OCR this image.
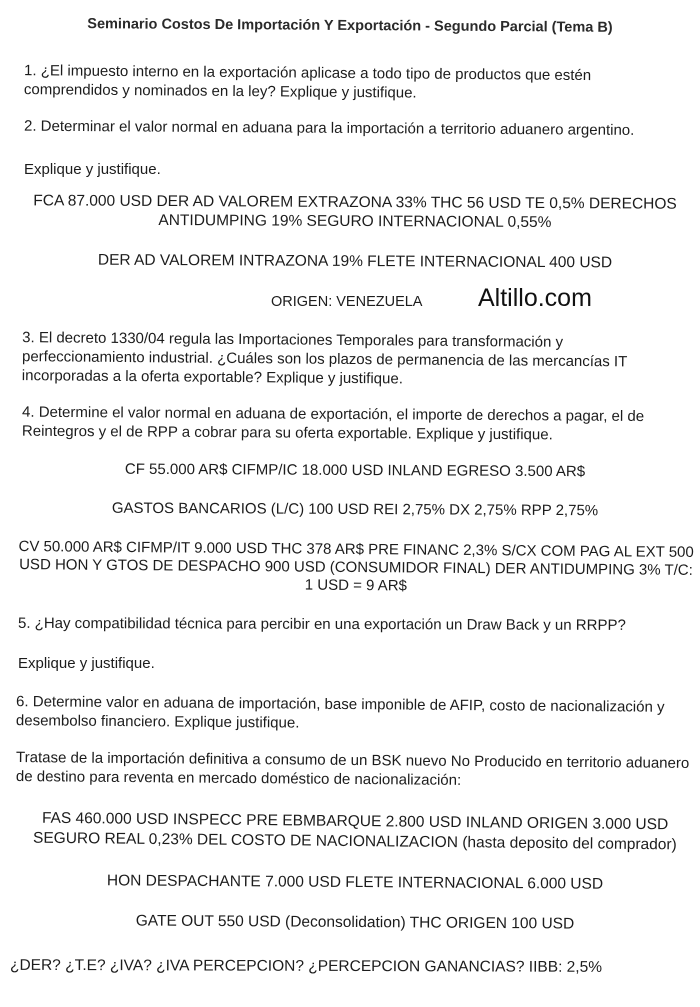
Seminario Costos De Importación Y Exportación - Segundo Parcial (Tema B)
1. ¿El impuesto interno en la exportación aplicase a todo tipo de productos que estén comprendidos y nominados en la ley? Explique y justifique.
2. Determinar el valor normal en aduana para la importación a territorio aduanero argentino.
Explique y justifique.
FCA 87.000 USD DER AD VALOREM EXTRAZONA 33% THC 56 USD TE 0,5% DERECHOS ANTIDUMPING 19% SEGURO INTERNACIONAL 0,55%
DER AD VALOREM INTRAZONA 19% FLETE INTERNACIONAL 400 USD
ORIGEN: VENEZUELA	Altillo.com
3. El decreto 1330/04 regula las Importaciones Temporales para transformación y perfeccionamiento industrial. ¿Cuáles son los plazos de permanencia de las mercancías IT incorporadas a la oferta exportable? Explique y justifique.
4. Determine el valor normal en aduana de exportación, el importe de derechos a pagar, el de Reintegros y el de RPP a cobrar para su oferta exportable. Explique y justifique.
CF 55.000 AR$ CIFMP/IC 18.000 USD INLAND EGRESO 3.500 AR$
GASTOS BANCARIOS (L/C) 100 USD REI 2,75% DX 2,75% RPP 2,75%
CV 50.000 AR$ CIFMP/IT 9.000 USD THC 378 AR$ PRE FINANC 2,3% S/CX COM PAG AL EXT 500 USD HON Y GTOS DE DESPACHO 900 USD (CONSUMIDOR FINAL) DER ANTIDUMPING 3% T/C: 1 USD = 9 AR$
5. ¿Hay compatibilidad técnica para percibir en una exportación un Draw Back y un RRPP?
Explique y justifique.
6. Determine valor en aduana de importación, base imponible de AFIP, costo de nacionalización y desembolso financiero. Explique justifique.
Tratase de la importación definitiva a consumo de un BSK nuevo No Producido en territorio aduanero de destino para reventa en mercado doméstico de nacionalización:
FAS 460.000 USD INSPECC PRE EBMBARQUE 2.800 USD INLAND ORIGEN 3.000 USD SEGURO REAL 0,23% DEL COSTO DE NACIONALIZACION (hasta deposito del comprador)
HON DESPACHANTE 7.000 USD FLETE INTERNACIONAL 6.000 USD
GATE OUT 550 USD (Deconsolidation) THC ORIGEN 100 USD
¿DER? ¿T.E? ¿IVA? ¿IVA PERCEPCION? ¿PERCEPCION GANANCIAS? IIBB: 2,5%
